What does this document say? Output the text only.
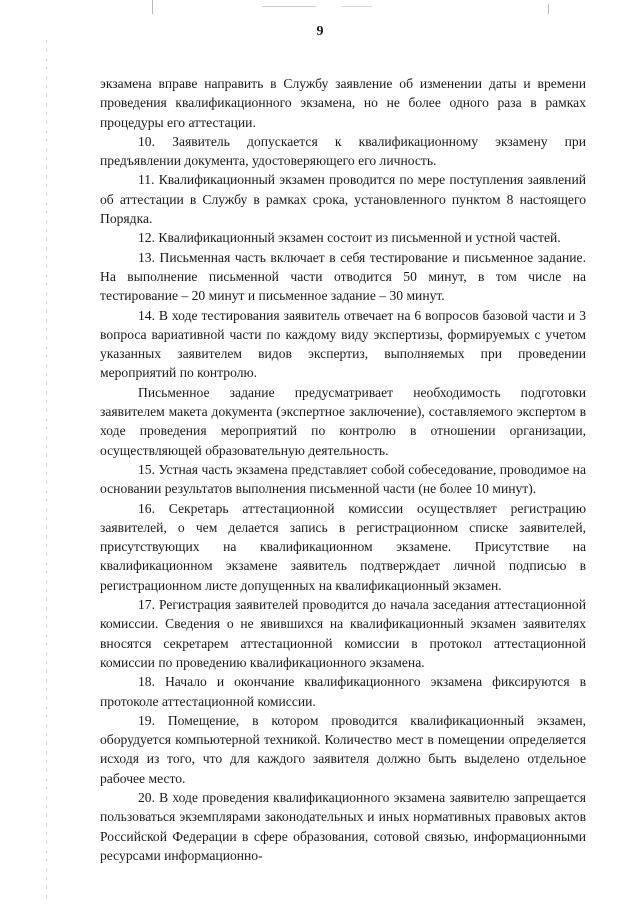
9

экзамена вправе направить в Службу заявление об изменении даты и времени проведения квалификационного экзамена, но не более одного раза в рамках процедуры его аттестации.

10. Заявитель допускается к квалификационному экзамену при предъявлении документа, удостоверяющего его личность.

11. Квалификационный экзамен проводится по мере поступления заявлений об аттестации в Службу в рамках срока, установленного пунктом 8 настоящего Порядка.

12. Квалификационный экзамен состоит из письменной и устной частей.

13. Письменная часть включает в себя тестирование и письменное задание. На выполнение письменной части отводится 50 минут, в том числе на тестирование – 20 минут и письменное задание – 30 минут.

14. В ходе тестирования заявитель отвечает на 6 вопросов базовой части и 3 вопроса вариативной части по каждому виду экспертизы, формируемых с учетом указанных заявителем видов экспертиз, выполняемых при проведении мероприятий по контролю.

Письменное задание предусматривает необходимость подготовки заявителем макета документа (экспертное заключение), составляемого экспертом в ходе проведения мероприятий по контролю в отношении организации, осуществляющей образовательную деятельность.

15. Устная часть экзамена представляет собой собеседование, проводимое на основании результатов выполнения письменной части (не более 10 минут).

16. Секретарь аттестационной комиссии осуществляет регистрацию заявителей, о чем делается запись в регистрационном списке заявителей, присутствующих на квалификационном экзамене. Присутствие на квалификационном экзамене заявитель подтверждает личной подписью в регистрационном листе допущенных на квалификационный экзамен.

17. Регистрация заявителей проводится до начала заседания аттестационной комиссии. Сведения о не явившихся на квалификационный экзамен заявителях вносятся секретарем аттестационной комиссии в протокол аттестационной комиссии по проведению квалификационного экзамена.

18. Начало и окончание квалификационного экзамена фиксируются в протоколе аттестационной комиссии.

19. Помещение, в котором проводится квалификационный экзамен, оборудуется компьютерной техникой. Количество мест в помещении определяется исходя из того, что для каждого заявителя должно быть выделено отдельное рабочее место.

20. В ходе проведения квалификационного экзамена заявителю запрещается пользоваться экземплярами законодательных и иных нормативных правовых актов Российской Федерации в сфере образования, сотовой связью, информационными ресурсами информационно-
